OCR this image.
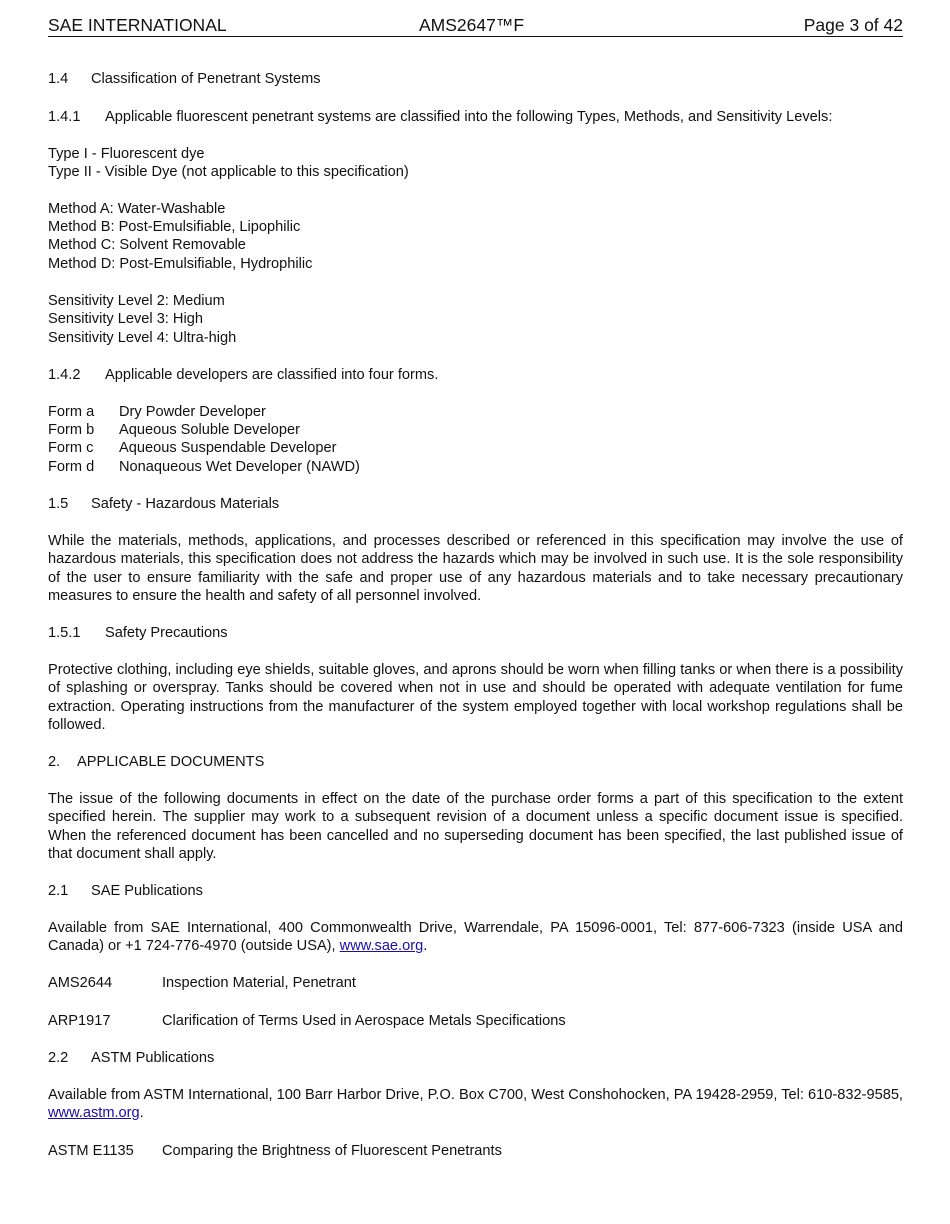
SAE INTERNATIONAL	AMS2647™F	Page 3 of 42
1.4 Classification of Penetrant Systems
1.4.1 Applicable fluorescent penetrant systems are classified into the following Types, Methods, and Sensitivity Levels:
Type I - Fluorescent dye
Type II - Visible Dye (not applicable to this specification)
Method A: Water-Washable
Method B: Post-Emulsifiable, Lipophilic
Method C: Solvent Removable
Method D: Post-Emulsifiable, Hydrophilic
Sensitivity Level 2: Medium
Sensitivity Level 3: High
Sensitivity Level 4: Ultra-high
1.4.2 Applicable developers are classified into four forms.
Form a Dry Powder Developer
Form b Aqueous Soluble Developer
Form c Aqueous Suspendable Developer
Form d Nonaqueous Wet Developer (NAWD)
1.5 Safety - Hazardous Materials
While the materials, methods, applications, and processes described or referenced in this specification may involve the use of hazardous materials, this specification does not address the hazards which may be involved in such use. It is the sole responsibility of the user to ensure familiarity with the safe and proper use of any hazardous materials and to take necessary precautionary measures to ensure the health and safety of all personnel involved.
1.5.1 Safety Precautions
Protective clothing, including eye shields, suitable gloves, and aprons should be worn when filling tanks or when there is a possibility of splashing or overspray. Tanks should be covered when not in use and should be operated with adequate ventilation for fume extraction. Operating instructions from the manufacturer of the system employed together with local workshop regulations shall be followed.
2. APPLICABLE DOCUMENTS
The issue of the following documents in effect on the date of the purchase order forms a part of this specification to the extent specified herein. The supplier may work to a subsequent revision of a document unless a specific document issue is specified. When the referenced document has been cancelled and no superseding document has been specified, the last published issue of that document shall apply.
2.1 SAE Publications
Available from SAE International, 400 Commonwealth Drive, Warrendale, PA 15096-0001, Tel: 877-606-7323 (inside USA and Canada) or +1 724-776-4970 (outside USA), www.sae.org.
AMS2644	Inspection Material, Penetrant
ARP1917	Clarification of Terms Used in Aerospace Metals Specifications
2.2 ASTM Publications
Available from ASTM International, 100 Barr Harbor Drive, P.O. Box C700, West Conshohocken, PA 19428-2959, Tel: 610-832-9585, www.astm.org.
ASTM E1135 Comparing the Brightness of Fluorescent Penetrants
